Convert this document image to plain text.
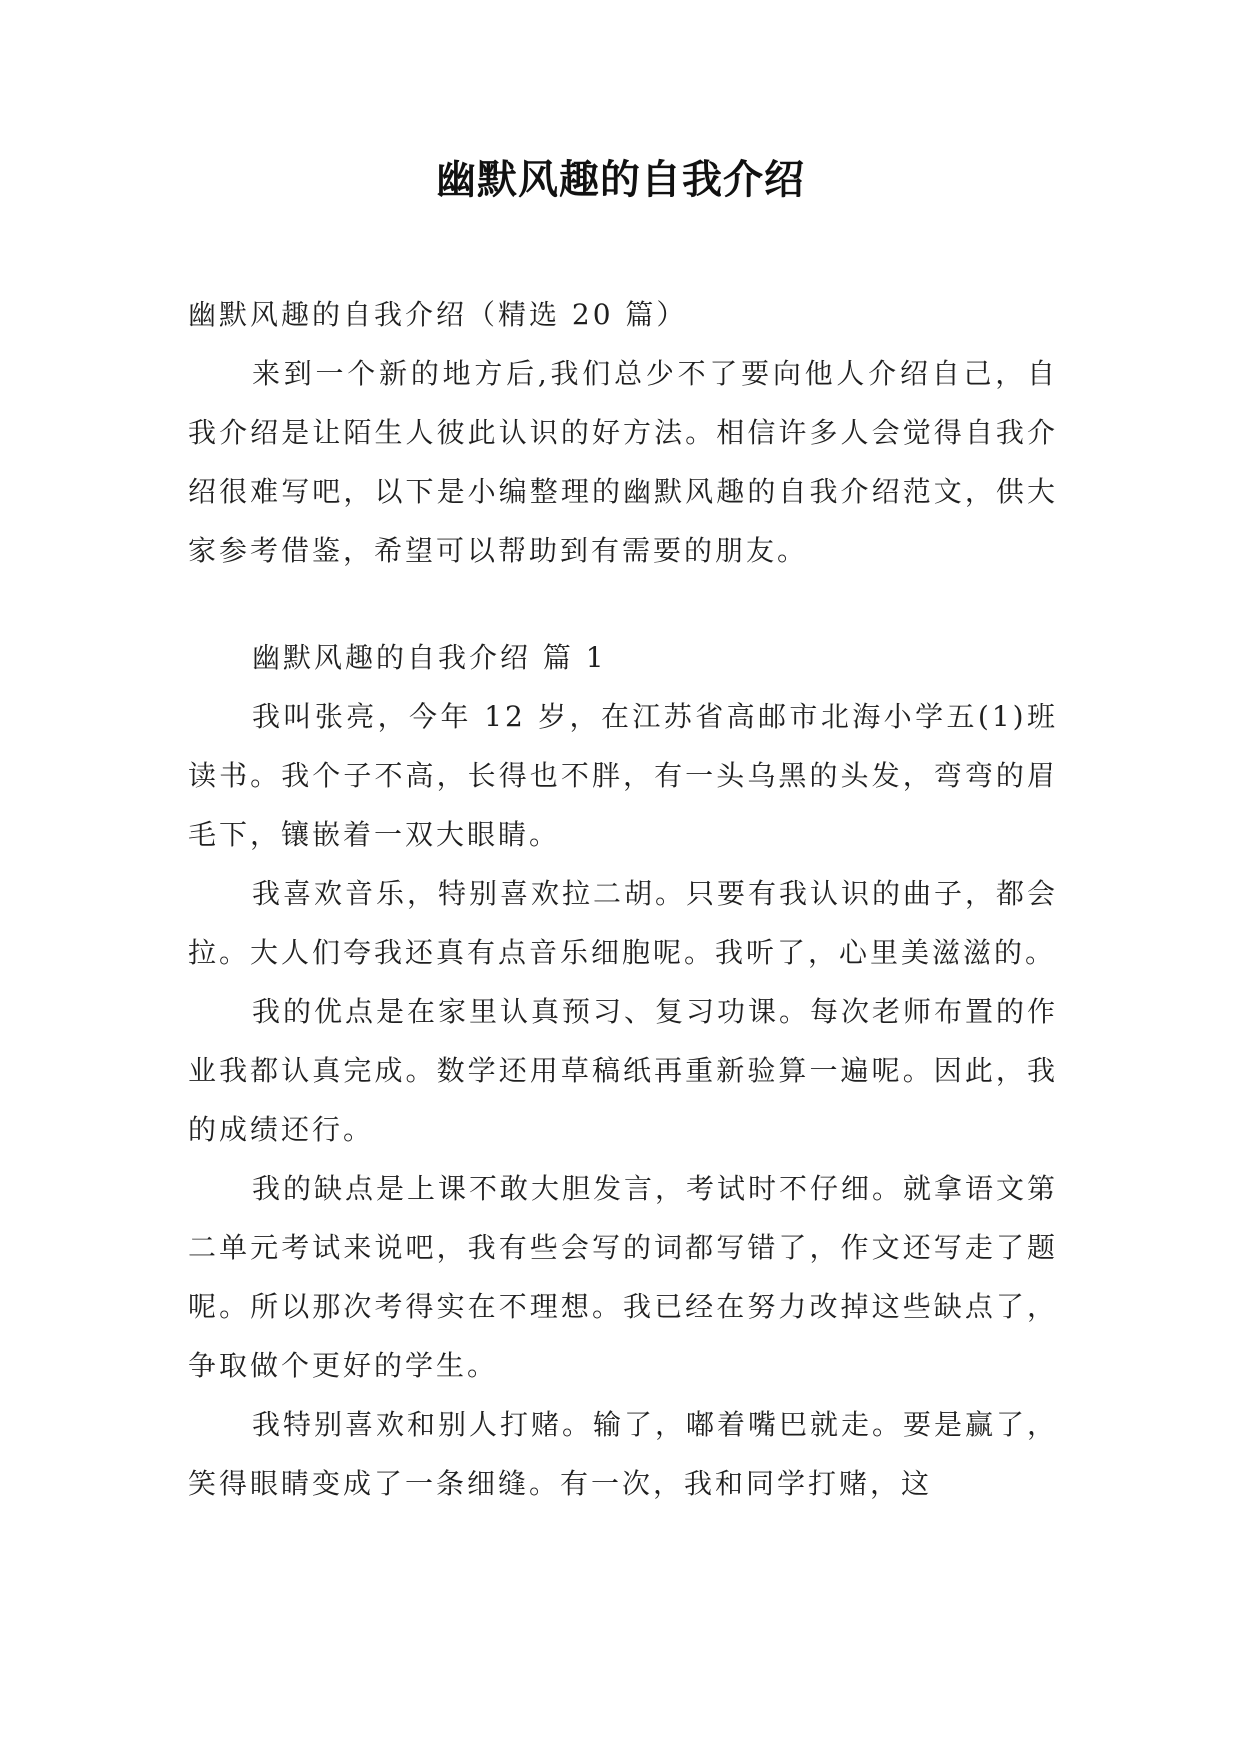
幽默风趣的自我介绍

幽默风趣的自我介绍（精选 20 篇）

来到一个新的地方后,我们总少不了要向他人介绍自己，自我介绍是让陌生人彼此认识的好方法。相信许多人会觉得自我介绍很难写吧，以下是小编整理的幽默风趣的自我介绍范文，供大家参考借鉴，希望可以帮助到有需要的朋友。

幽默风趣的自我介绍 篇 1

我叫张亮，今年 12 岁，在江苏省高邮市北海小学五(1)班读书。我个子不高，长得也不胖，有一头乌黑的头发，弯弯的眉毛下，镶嵌着一双大眼睛。

我喜欢音乐，特别喜欢拉二胡。只要有我认识的曲子，都会拉。大人们夸我还真有点音乐细胞呢。我听了，心里美滋滋的。

我的优点是在家里认真预习、复习功课。每次老师布置的作业我都认真完成。数学还用草稿纸再重新验算一遍呢。因此，我的成绩还行。

我的缺点是上课不敢大胆发言，考试时不仔细。就拿语文第二单元考试来说吧，我有些会写的词都写错了，作文还写走了题呢。所以那次考得实在不理想。我已经在努力改掉这些缺点了，争取做个更好的学生。

我特别喜欢和别人打赌。输了，嘟着嘴巴就走。要是赢了，笑得眼睛变成了一条细缝。有一次，我和同学打赌，这
